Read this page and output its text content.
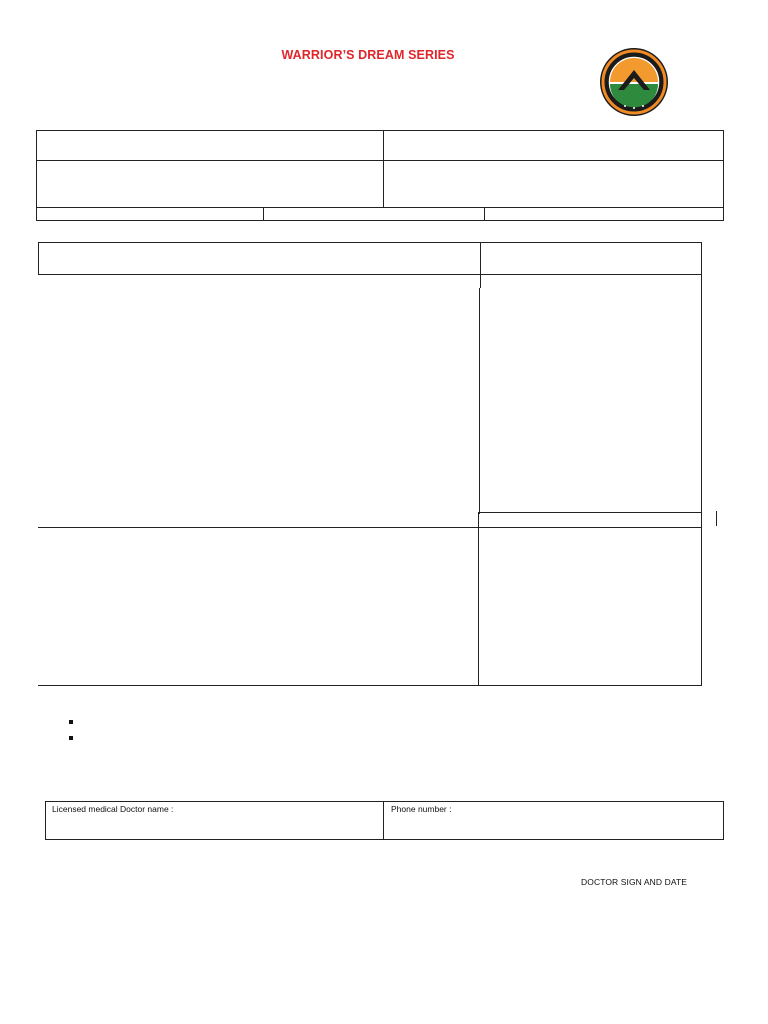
WARRIOR’S DREAM SERIES
Licensed medical Doctor name :	Phone number :
DOCTOR SIGN AND DATE
